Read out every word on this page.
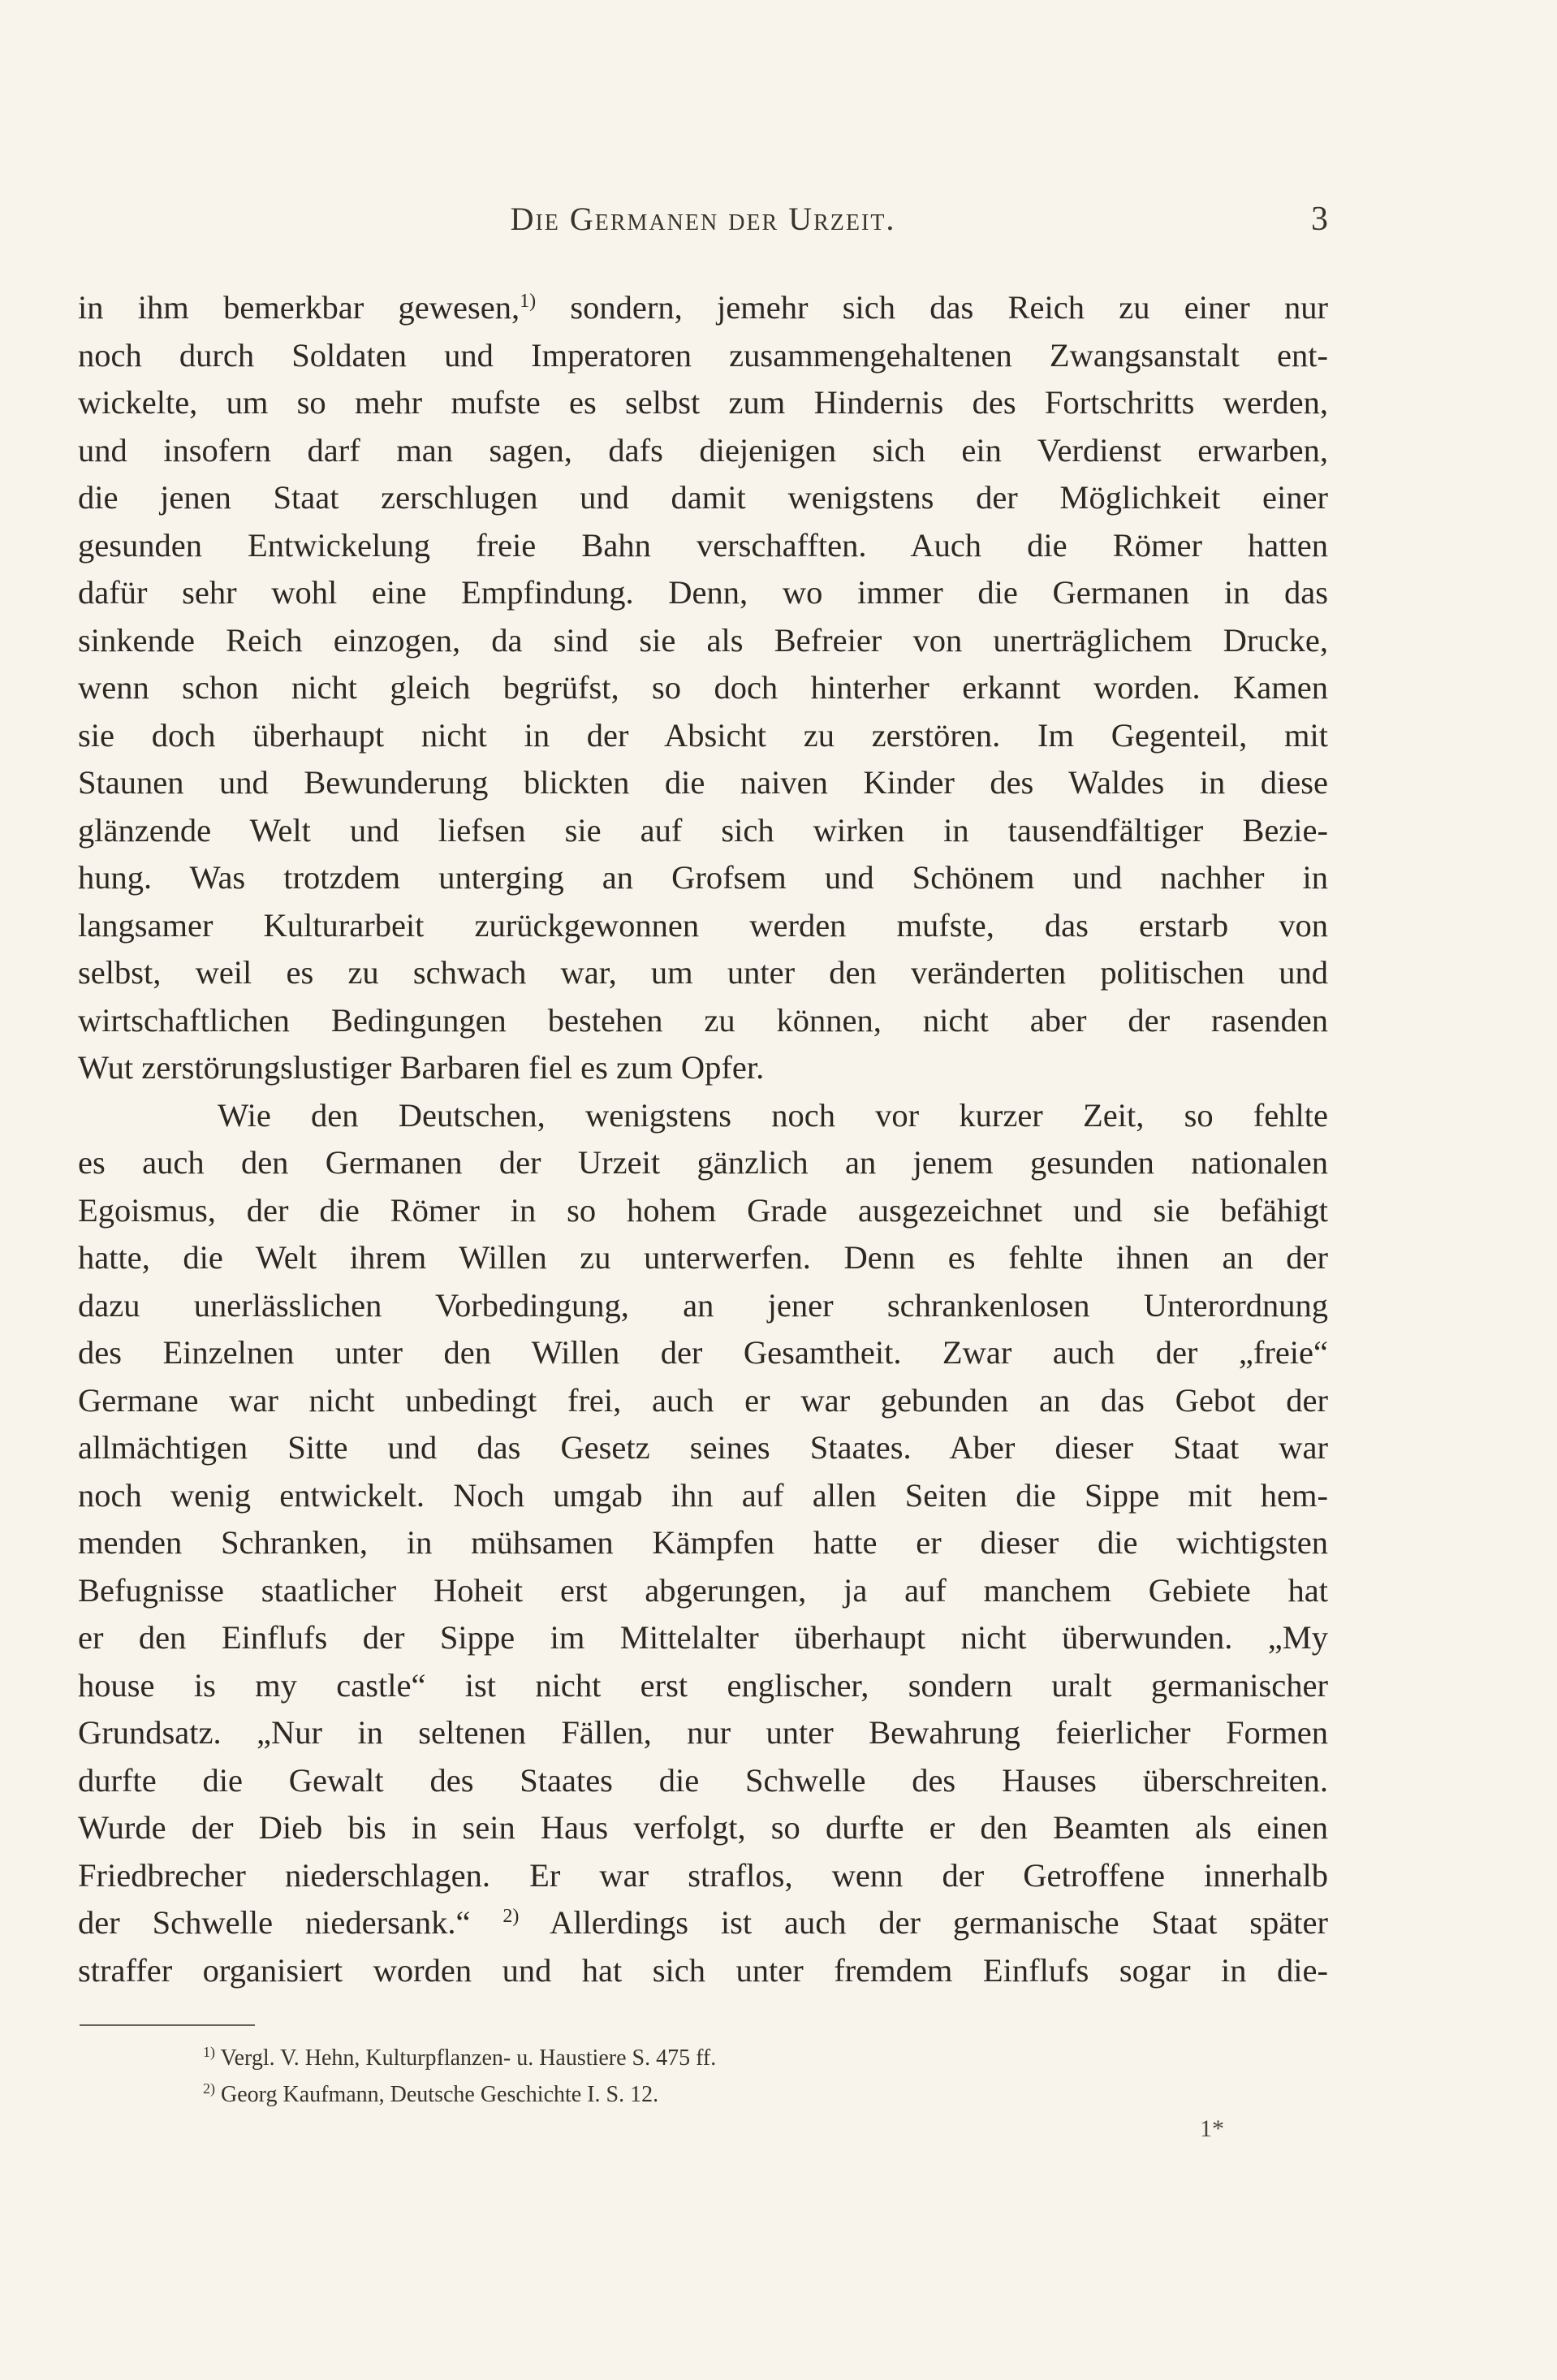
Die Germanen der Urzeit.	3
in ihm bemerkbar gewesen,$^{1)}$ sondern, jemehr sich das Reich zu einer nur
noch durch Soldaten und Imperatoren zusammengehaltenen Zwangsanstalt ent-
wickelte, um so mehr mufste es selbst zum Hindernis des Fortschritts werden,
und insofern darf man sagen, dafs diejenigen sich ein Verdienst erwarben,
die jenen Staat zerschlugen und damit wenigstens der Möglichkeit einer
gesunden Entwickelung freie Bahn verschafften. Auch die Römer hatten
dafür sehr wohl eine Empfindung. Denn, wo immer die Germanen in das
sinkende Reich einzogen, da sind sie als Befreier von unerträglichem Drucke,
wenn schon nicht gleich begrüfst, so doch hinterher erkannt worden. Kamen
sie doch überhaupt nicht in der Absicht zu zerstören. Im Gegenteil, mit
Staunen und Bewunderung blickten die naiven Kinder des Waldes in diese
glänzende Welt und liefsen sie auf sich wirken in tausendfältiger Bezie-
hung. Was trotzdem unterging an Grofsem und Schönem und nachher in
langsamer Kulturarbeit zurückgewonnen werden mufste, das erstarb von
selbst, weil es zu schwach war, um unter den veränderten politischen und
wirtschaftlichen Bedingungen bestehen zu können, nicht aber der rasenden
Wut zerstörungslustiger Barbaren fiel es zum Opfer.
Wie den Deutschen, wenigstens noch vor kurzer Zeit, so fehlte
es auch den Germanen der Urzeit gänzlich an jenem gesunden nationalen
Egoismus, der die Römer in so hohem Grade ausgezeichnet und sie befähigt
hatte, die Welt ihrem Willen zu unterwerfen. Denn es fehlte ihnen an der
dazu unerlässlichen Vorbedingung, an jener schrankenlosen Unterordnung
des Einzelnen unter den Willen der Gesamtheit. Zwar auch der „freie“
Germane war nicht unbedingt frei, auch er war gebunden an das Gebot der
allmächtigen Sitte und das Gesetz seines Staates. Aber dieser Staat war
noch wenig entwickelt. Noch umgab ihn auf allen Seiten die Sippe mit hem-
menden Schranken, in mühsamen Kämpfen hatte er dieser die wichtigsten
Befugnisse staatlicher Hoheit erst abgerungen, ja auf manchem Gebiete hat
er den Einflufs der Sippe im Mittelalter überhaupt nicht überwunden. „My
house is my castle“ ist nicht erst englischer, sondern uralt germanischer
Grundsatz. „Nur in seltenen Fällen, nur unter Bewahrung feierlicher Formen
durfte die Gewalt des Staates die Schwelle des Hauses überschreiten.
Wurde der Dieb bis in sein Haus verfolgt, so durfte er den Beamten als einen
Friedbrecher niederschlagen. Er war straflos, wenn der Getroffene innerhalb
der Schwelle niedersank.“ $^{2)}$ Allerdings ist auch der germanische Staat später
straffer organisiert worden und hat sich unter fremdem Einflufs sogar in die-
$^{1)}$ Vergl. V. Hehn, Kulturpflanzen- u. Haustiere S. 475 ff.
$^{2)}$ Georg Kaufmann, Deutsche Geschichte I. S. 12.
1*
